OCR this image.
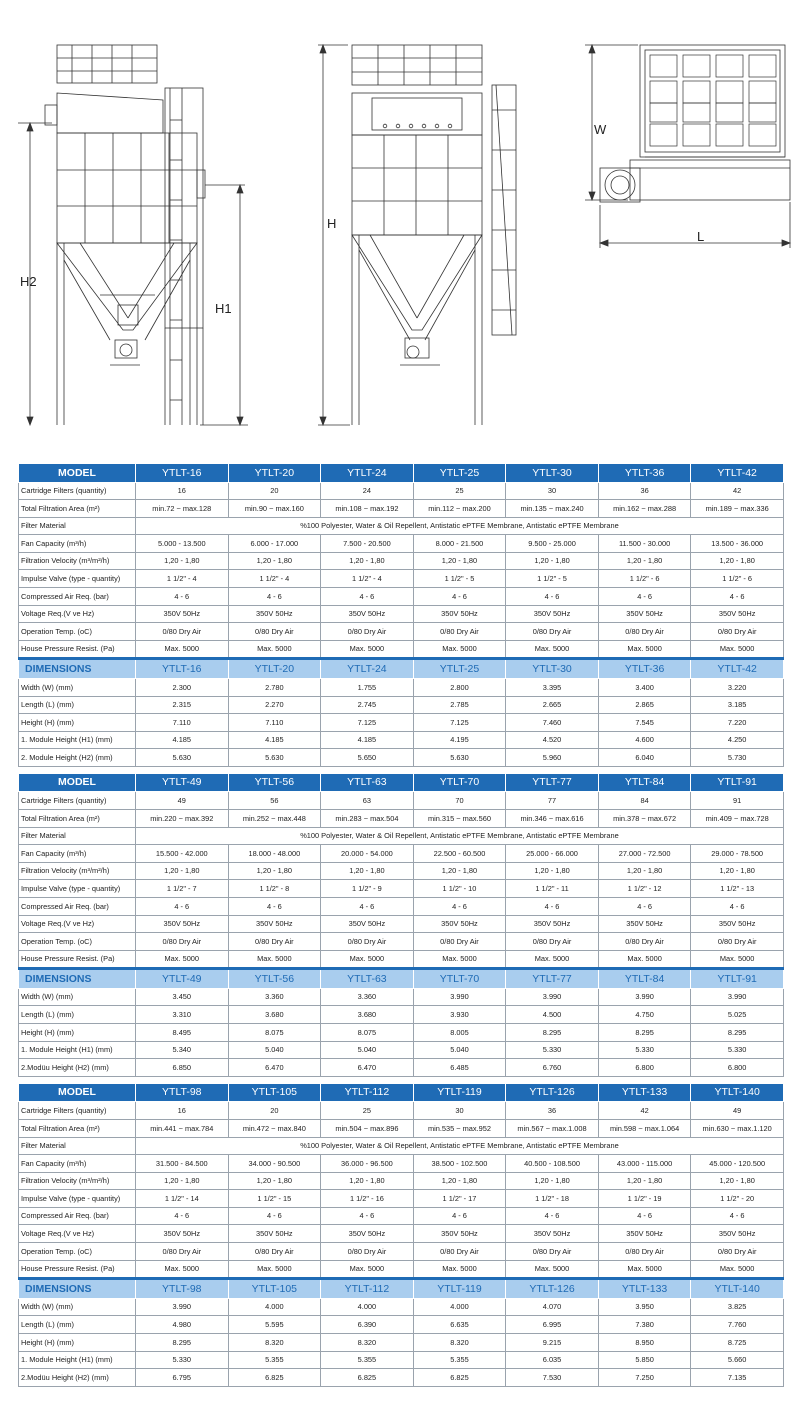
H2
H1
H
W
L
MODEL	YTLT-16	YTLT-20	YTLT-24	YTLT-25	YTLT-30	YTLT-36	YTLT-42
Cartridge Filters (quantity)	16	20	24	25	30	36	42
Total Filtration Area (m²)	min.72 ~ max.128	min.90 ~ max.160	min.108 ~ max.192	min.112 ~ max.200	min.135 ~ max.240	min.162 ~ max.288	min.189 ~ max.336
Filter Material	%100 Polyester, Water & Oil Repellent, Antistatic ePTFE Membrane, Antistatic ePTFE Membrane						
Fan Capacity (m³/h)	5.000 - 13.500	6.000 - 17.000	7.500 - 20.500	8.000 - 21.500	9.500 - 25.000	11.500 - 30.000	13.500 - 36.000
Filtration Velocity (m³/m²/h)	1,20 - 1,80	1,20 - 1,80	1,20 - 1,80	1,20 - 1,80	1,20 - 1,80	1,20 - 1,80	1,20 - 1,80
Impulse Valve (type - quantity)	1 1/2" - 4	1 1/2" - 4	1 1/2" - 4	1 1/2" - 5	1 1/2" - 5	1 1/2" - 6	1 1/2" - 6
Compressed Air Req. (bar)	4 - 6	4 - 6	4 - 6	4 - 6	4 - 6	4 - 6	4 - 6
Voltage Req.(V ve Hz)	350V 50Hz	350V 50Hz	350V 50Hz	350V 50Hz	350V 50Hz	350V 50Hz	350V 50Hz
Operation Temp. (oC)	0/80 Dry Air	0/80 Dry Air	0/80 Dry Air	0/80 Dry Air	0/80 Dry Air	0/80 Dry Air	0/80 Dry Air
House Pressure Resist. (Pa)	Max. 5000	Max. 5000	Max. 5000	Max. 5000	Max. 5000	Max. 5000	Max. 5000
DIMENSIONS	YTLT-16	YTLT-20	YTLT-24	YTLT-25	YTLT-30	YTLT-36	YTLT-42
Width (W) (mm)	2.300	2.780	1.755	2.800	3.395	3.400	3.220
Length (L) (mm)	2.315	2.270	2.745	2.785	2.665	2.865	3.185
Height (H) (mm)	7.110	7.110	7.125	7.125	7.460	7.545	7.220
1. Module Height (H1) (mm)	4.185	4.185	4.185	4.195	4.520	4.600	4.250
2. Module Height (H2) (mm)	5.630	5.630	5.650	5.630	5.960	6.040	5.730
MODEL	YTLT-49	YTLT-56	YTLT-63	YTLT-70	YTLT-77	YTLT-84	YTLT-91
Cartridge Filters (quantity)	49	56	63	70	77	84	91
Total Filtration Area (m²)	min.220 ~ max.392	min.252 ~ max.448	min.283 ~ max.504	min.315 ~ max.560	min.346 ~ max.616	min.378 ~ max.672	min.409 ~ max.728
Filter Material	%100 Polyester, Water & Oil Repellent, Antistatic ePTFE Membrane, Antistatic ePTFE Membrane						
Fan Capacity (m³/h)	15.500 - 42.000	18.000 - 48.000	20.000 - 54.000	22.500 - 60.500	25.000 - 66.000	27.000 - 72.500	29.000 - 78.500
Filtration Velocity (m³/m²/h)	1,20 - 1,80	1,20 - 1,80	1,20 - 1,80	1,20 - 1,80	1,20 - 1,80	1,20 - 1,80	1,20 - 1,80
Impulse Valve (type - quantity)	1 1/2" - 7	1 1/2" - 8	1 1/2" - 9	1 1/2" - 10	1 1/2" - 11	1 1/2" - 12	1 1/2" - 13
Compressed Air Req. (bar)	4 - 6	4 - 6	4 - 6	4 - 6	4 - 6	4 - 6	4 - 6
Voltage Req.(V ve Hz)	350V 50Hz	350V 50Hz	350V 50Hz	350V 50Hz	350V 50Hz	350V 50Hz	350V 50Hz
Operation Temp. (oC)	0/80 Dry Air	0/80 Dry Air	0/80 Dry Air	0/80 Dry Air	0/80 Dry Air	0/80 Dry Air	0/80 Dry Air
House Pressure Resist. (Pa)	Max. 5000	Max. 5000	Max. 5000	Max. 5000	Max. 5000	Max. 5000	Max. 5000
DIMENSIONS	YTLT-49	YTLT-56	YTLT-63	YTLT-70	YTLT-77	YTLT-84	YTLT-91
Width (W) (mm)	3.450	3.360	3.360	3.990	3.990	3.990	3.990
Length (L) (mm)	3.310	3.680	3.680	3.930	4.500	4.750	5.025
Height (H) (mm)	8.495	8.075	8.075	8.005	8.295	8.295	8.295
1. Module Height (H1) (mm)	5.340	5.040	5.040	5.040	5.330	5.330	5.330
2.Modüu Height (H2) (mm)	6.850	6.470	6.470	6.485	6.760	6.800	6.800
MODEL	YTLT-98	YTLT-105	YTLT-112	YTLT-119	YTLT-126	YTLT-133	YTLT-140
Cartridge Filters (quantity)	16	20	25	30	36	42	49
Total Filtration Area (m²)	min.441 ~ max.784	min.472 ~ max.840	min.504 ~ max.896	min.535 ~ max.952	min.567 ~ max.1.008	min.598 ~ max.1.064	min.630 ~ max.1.120
Filter Material	%100 Polyester, Water & Oil Repellent, Antistatic ePTFE Membrane, Antistatic ePTFE Membrane						
Fan Capacity (m³/h)	31.500 - 84.500	34.000 - 90.500	36.000 - 96.500	38.500 - 102.500	40.500 - 108.500	43.000 - 115.000	45.000 - 120.500
Filtration Velocity (m³/m²/h)	1,20 - 1,80	1,20 - 1,80	1,20 - 1,80	1,20 - 1,80	1,20 - 1,80	1,20 - 1,80	1,20 - 1,80
Impulse Valve (type - quantity)	1 1/2" - 14	1 1/2" - 15	1 1/2" - 16	1 1/2" - 17	1 1/2" - 18	1 1/2" - 19	1 1/2" - 20
Compressed Air Req. (bar)	4 - 6	4 - 6	4 - 6	4 - 6	4 - 6	4 - 6	4 - 6
Voltage Req.(V ve Hz)	350V 50Hz	350V 50Hz	350V 50Hz	350V 50Hz	350V 50Hz	350V 50Hz	350V 50Hz
Operation Temp. (oC)	0/80 Dry Air	0/80 Dry Air	0/80 Dry Air	0/80 Dry Air	0/80 Dry Air	0/80 Dry Air	0/80 Dry Air
House Pressure Resist. (Pa)	Max. 5000	Max. 5000	Max. 5000	Max. 5000	Max. 5000	Max. 5000	Max. 5000
DIMENSIONS	YTLT-98	YTLT-105	YTLT-112	YTLT-119	YTLT-126	YTLT-133	YTLT-140
Width (W) (mm)	3.990	4.000	4.000	4.000	4.070	3.950	3.825
Length (L) (mm)	4.980	5.595	6.390	6.635	6.995	7.380	7.760
Height (H) (mm)	8.295	8.320	8.320	8.320	9.215	8.950	8.725
1. Module Height (H1) (mm)	5.330	5.355	5.355	5.355	6.035	5.850	5.660
2.Modüu Height (H2) (mm)	6.795	6.825	6.825	6.825	7.530	7.250	7.135
